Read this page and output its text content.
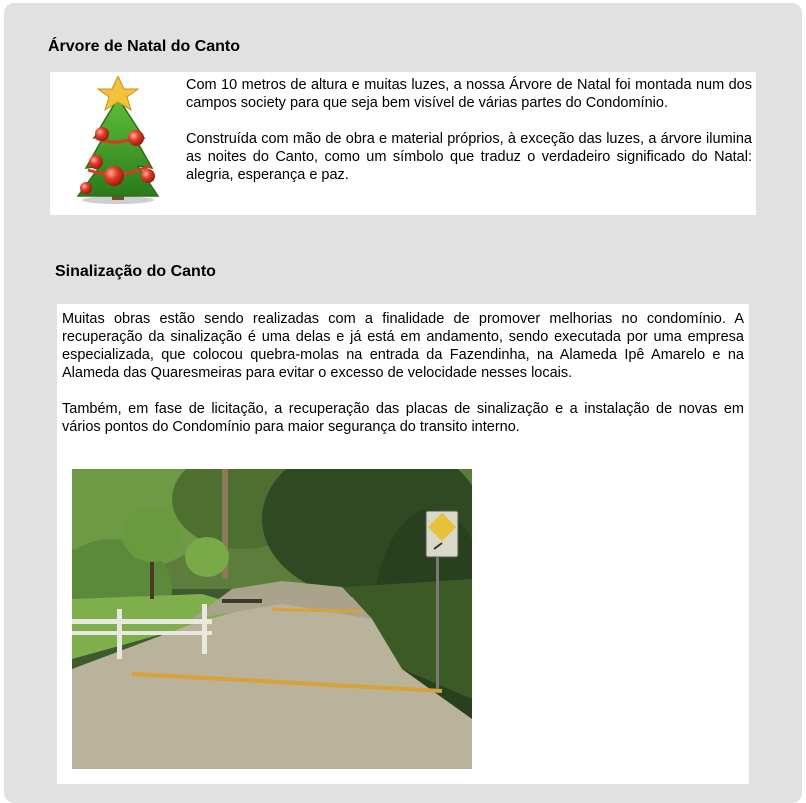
Árvore de Natal do Canto

Com 10 metros de altura e muitas luzes, a nossa Árvore de Natal foi montada num dos campos society para que seja bem visível de várias partes do Condomínio.

Construída com mão de obra e material próprios, à exceção das luzes, a árvore ilumina as noites do Canto, como um símbolo que traduz o verdadeiro significado do Natal: alegria, esperança e paz.

Sinalização do Canto

Muitas obras estão sendo realizadas com a finalidade de promover melhorias no condomínio. A recuperação da sinalização é uma delas e já está em andamento, sendo executada por uma empresa especializada, que colocou quebra-molas na entrada da Fazendinha, na Alameda Ipê Amarelo e na Alameda das Quaresmeiras para evitar o excesso de velocidade nesses locais.

Também, em fase de licitação, a recuperação das placas de sinalização e a instalação de novas em vários pontos do Condomínio para maior segurança do transito interno.
